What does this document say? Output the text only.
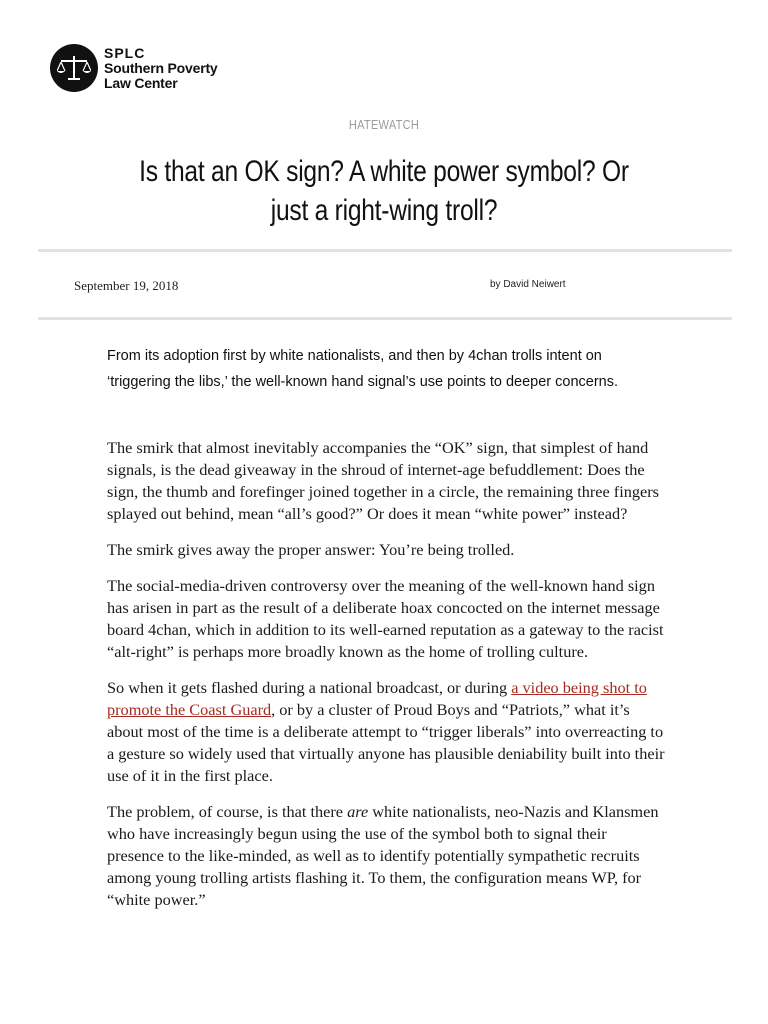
SPLC
Southern Poverty
Law Center
HATEWATCH
Is that an OK sign? A white power symbol? Or just a right-wing troll?
September 19, 2018	by David Neiwert

From its adoption first by white nationalists, and then by 4chan trolls intent on ‘triggering the libs,’ the well-known hand signal’s use points to deeper concerns.

The smirk that almost inevitably accompanies the “OK” sign, that simplest of hand signals, is the dead giveaway in the shroud of internet-age befuddlement: Does the sign, the thumb and forefinger joined together in a circle, the remaining three fingers splayed out behind, mean “all’s good?” Or does it mean “white power” instead?

The smirk gives away the proper answer: You’re being trolled.

The social-media-driven controversy over the meaning of the well-known hand sign has arisen in part as the result of a deliberate hoax concocted on the internet message board 4chan, which in addition to its well-earned reputation as a gateway to the racist “alt-right” is perhaps more broadly known as the home of trolling culture.

So when it gets flashed during a national broadcast, or during a video being shot to promote the Coast Guard, or by a cluster of Proud Boys and “Patriots,” what it’s about most of the time is a deliberate attempt to “trigger liberals” into overreacting to a gesture so widely used that virtually anyone has plausible deniability built into their use of it in the first place.

The problem, of course, is that there are white nationalists, neo-Nazis and Klansmen who have increasingly begun using the use of the symbol both to signal their presence to the like-minded, as well as to identify potentially sympathetic recruits among young trolling artists flashing it. To them, the configuration means WP, for “white power.”
